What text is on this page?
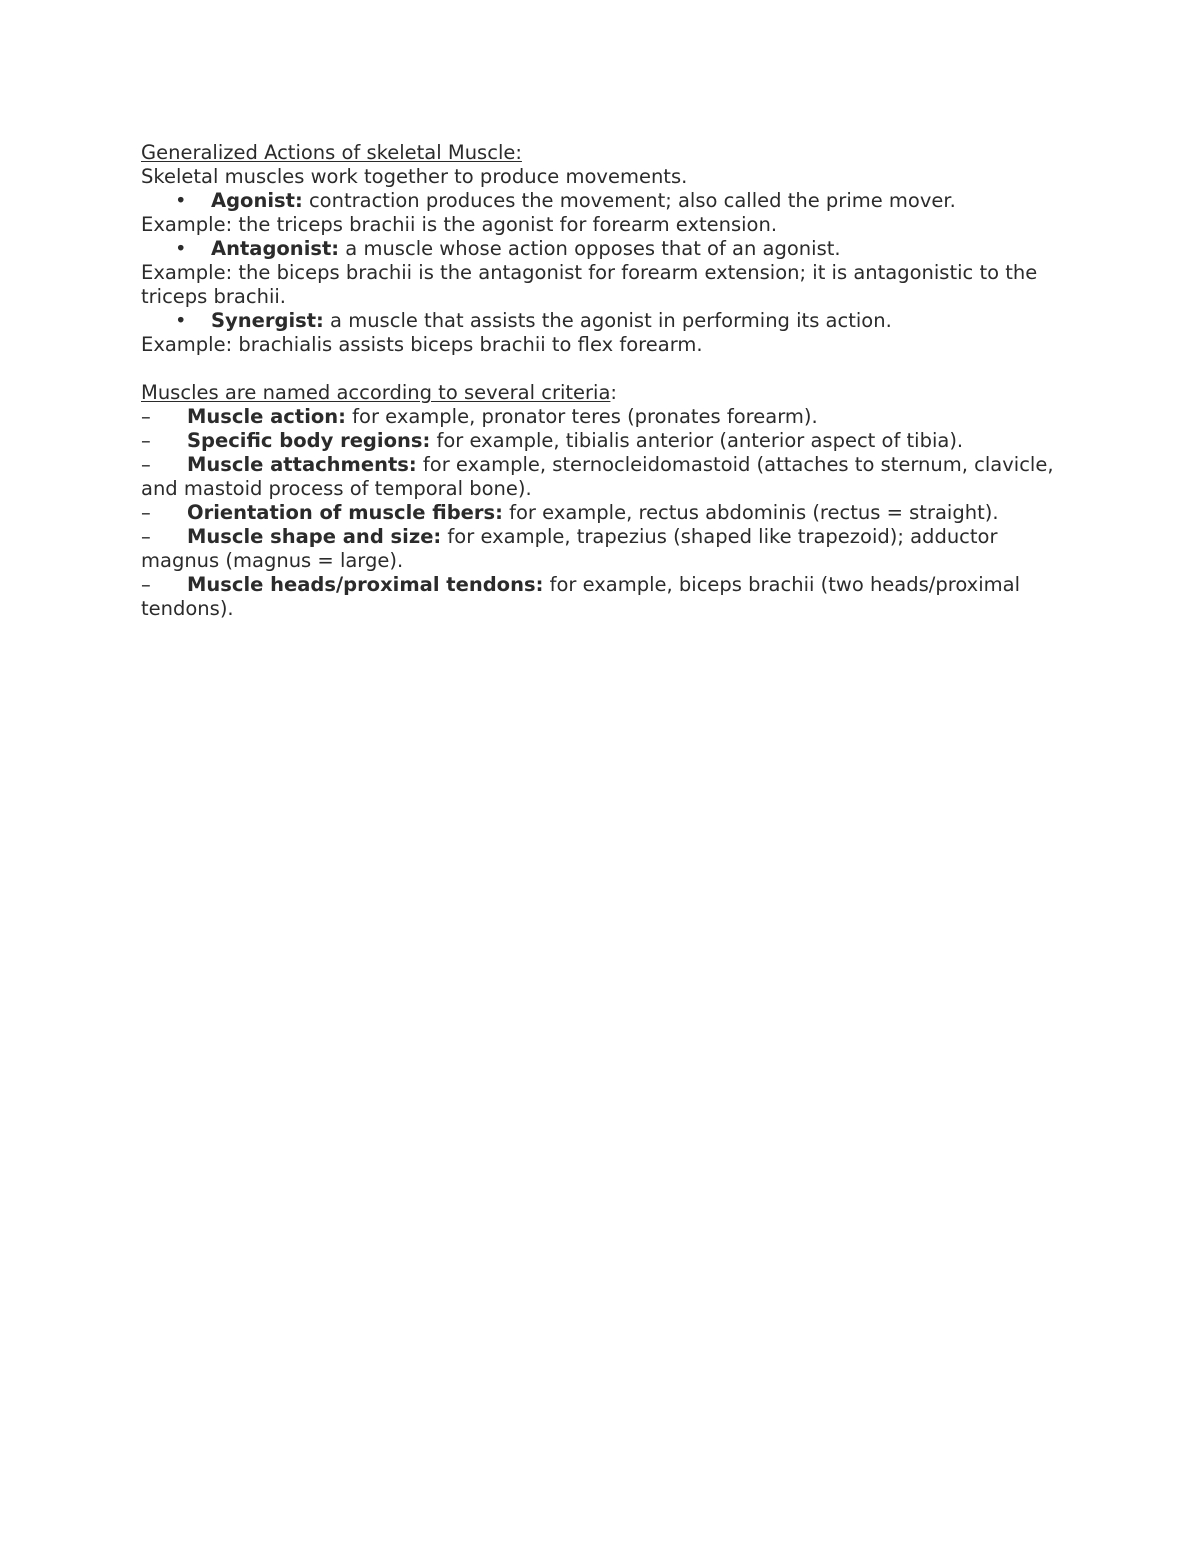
Generalized Actions of skeletal Muscle:

Skeletal muscles work together to produce movements.

•	Agonist: contraction produces the movement; also called the prime mover.

Example: the triceps brachii is the agonist for forearm extension.

•	Antagonist: a muscle whose action opposes that of an agonist.

Example: the biceps brachii is the antagonist for forearm extension; it is antagonistic to the triceps brachii.

•	Synergist: a muscle that assists the agonist in performing its action.

Example: brachialis assists biceps brachii to flex forearm.

Muscles are named according to several criteria:

– Muscle action: for example, pronator teres (pronates forearm).

– Specific body regions: for example, tibialis anterior (anterior aspect of tibia).

– Muscle attachments: for example, sternocleidomastoid (attaches to sternum, clavicle, and mastoid process of temporal bone).

– Orientation of muscle fibers: for example, rectus abdominis (rectus = straight).

– Muscle shape and size: for example, trapezius (shaped like trapezoid); adductor magnus (magnus = large).

– Muscle heads/proximal tendons: for example, biceps brachii (two heads/proximal tendons).
